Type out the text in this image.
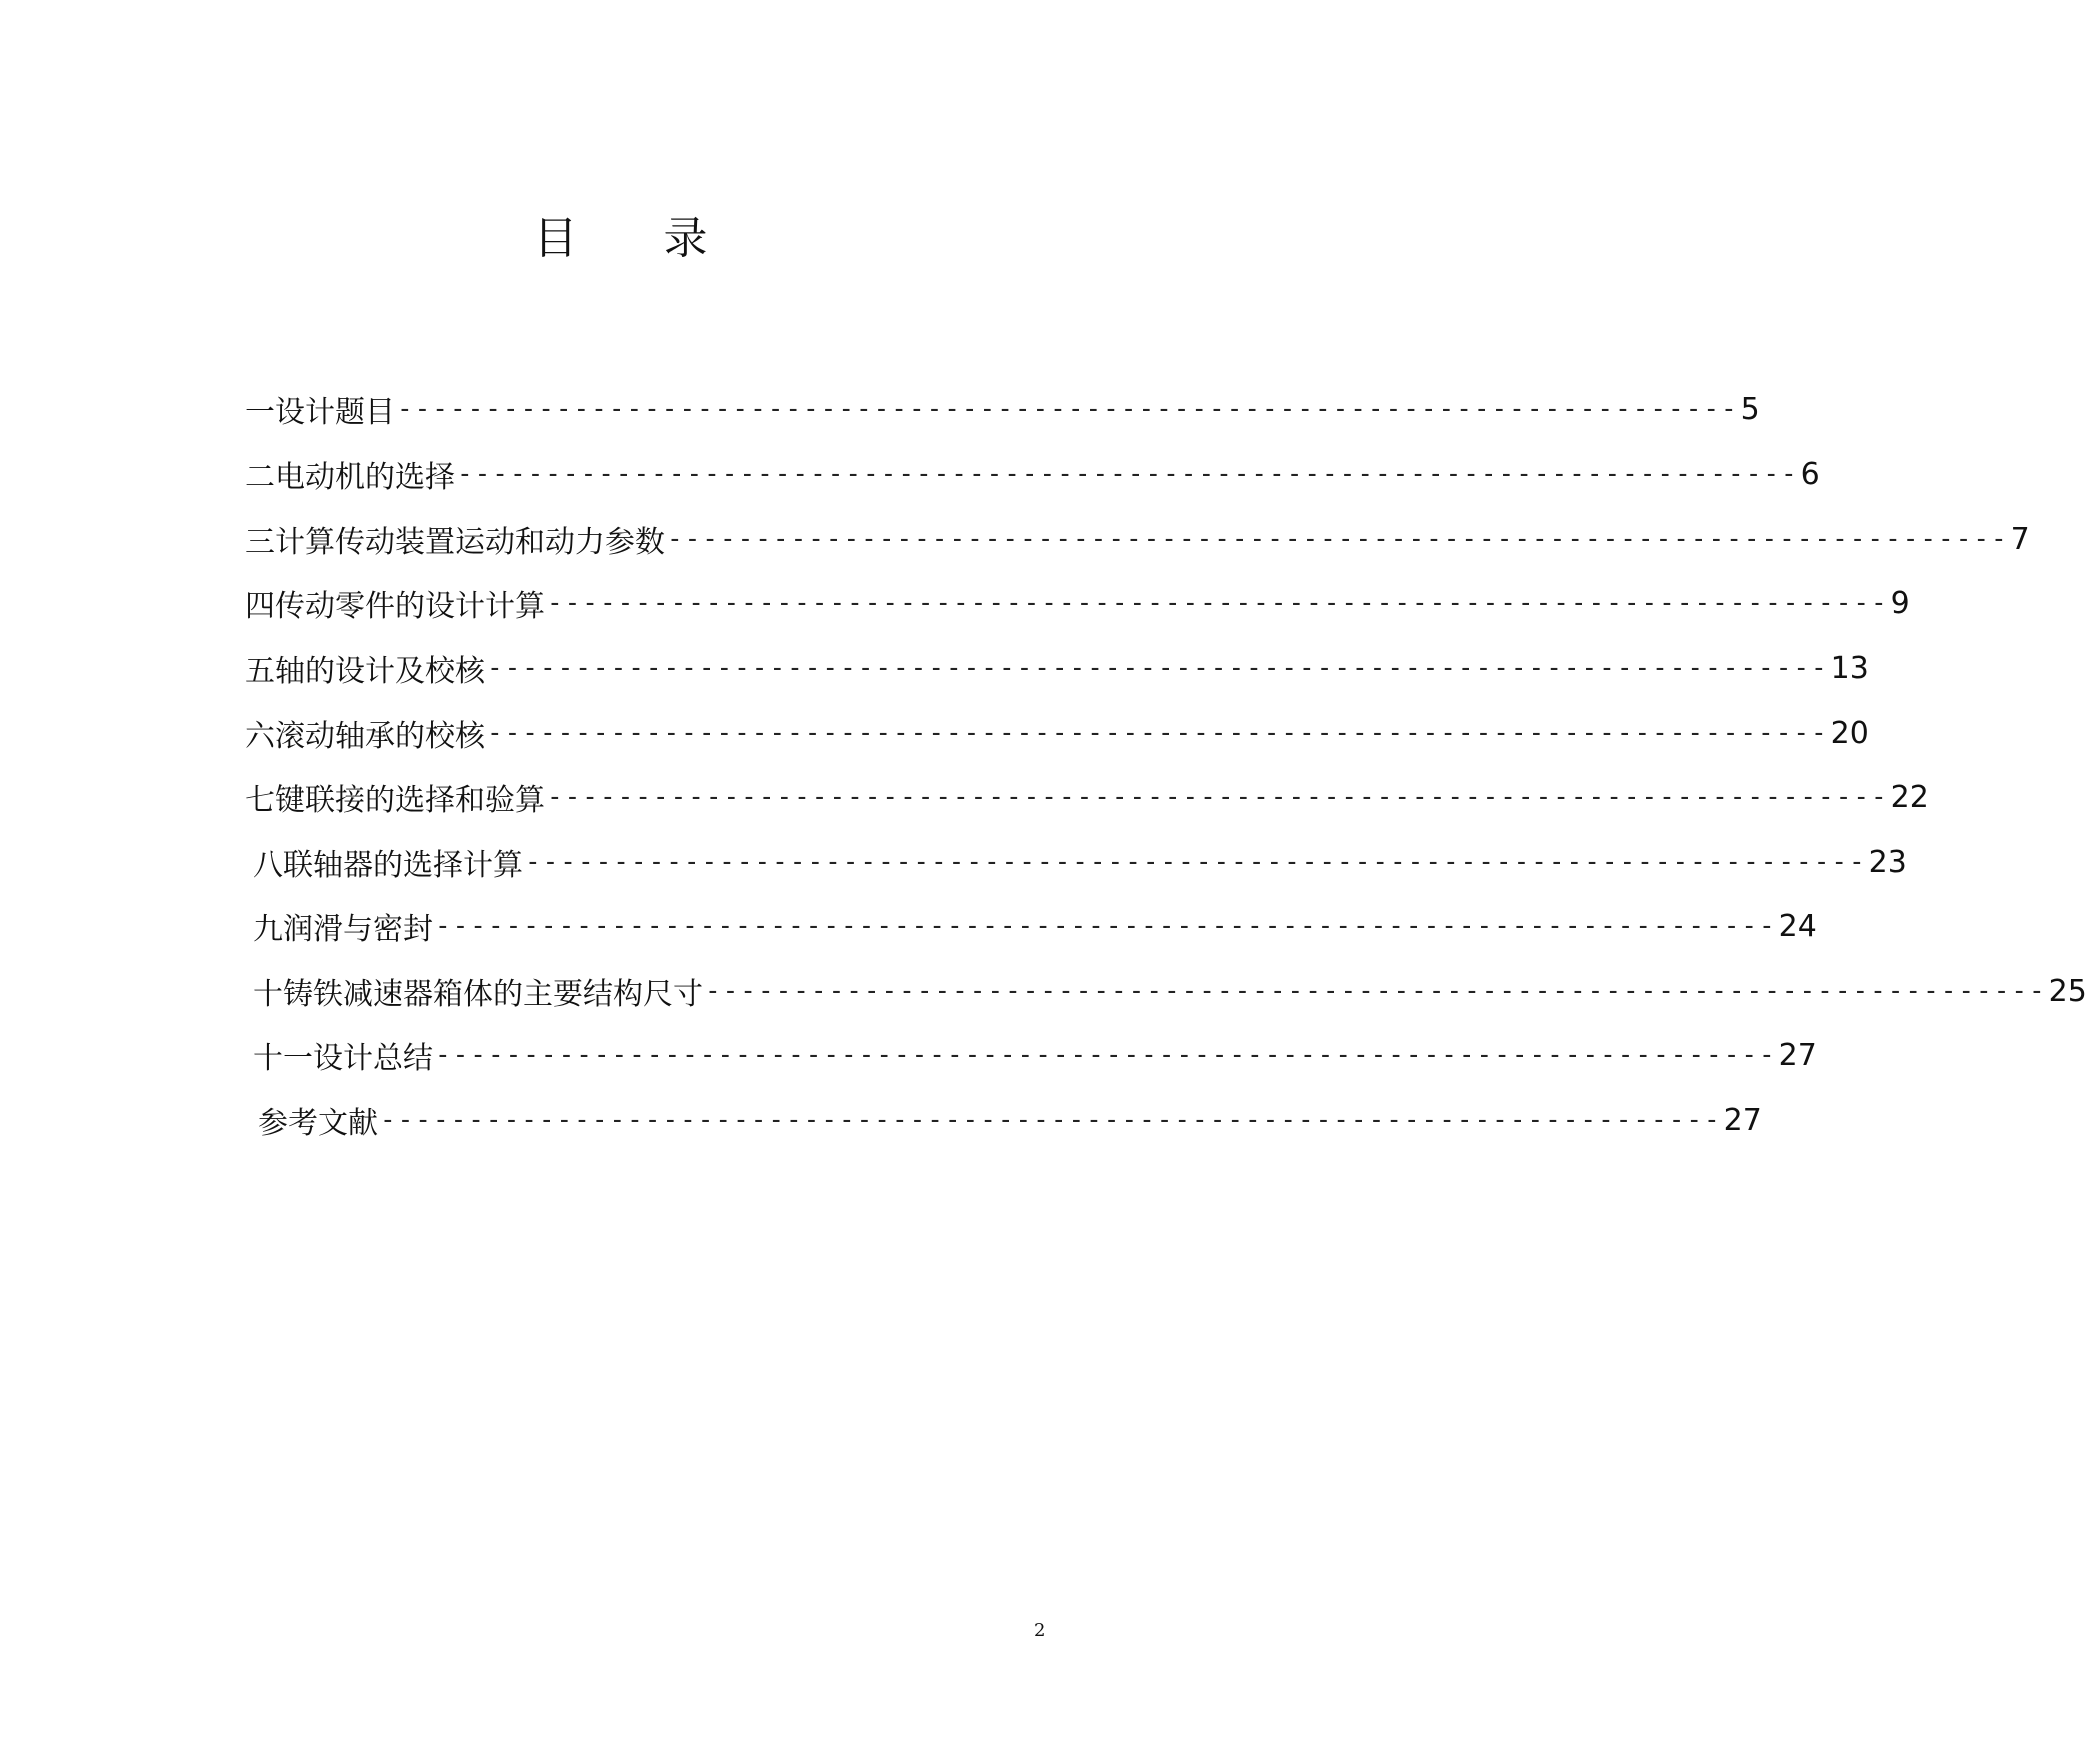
目 录
一 设计题目 ---------------------------------------------------------------------------- 5
二 电动机的选择 ---------------------------------------------------------------------------- 6
三 计算传动装置运动和动力参数 ---------------------------------------------------------------------------- 7
四 传动零件的设计计算 ---------------------------------------------------------------------------- 9
五 轴的设计及校核 ---------------------------------------------------------------------------- 13
六 滚动轴承的校核 ---------------------------------------------------------------------------- 20
七 键联接的选择和验算 ---------------------------------------------------------------------------- 22
八 联轴器的选择计算 ---------------------------------------------------------------------------- 23
九 润滑与密封 ---------------------------------------------------------------------------- 24
十 铸铁减速器箱体的主要结构尺寸 ---------------------------------------------------------------------------- 25
十一 设计总结 ---------------------------------------------------------------------------- 27
参考文献 ---------------------------------------------------------------------------- 27
2
